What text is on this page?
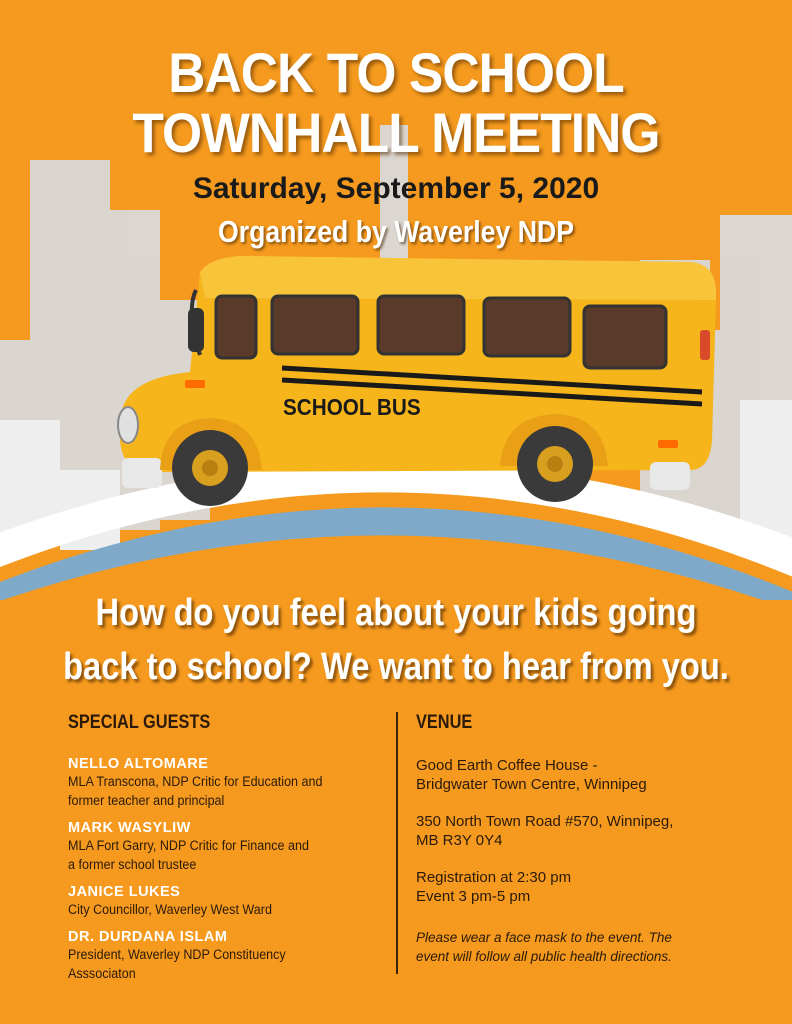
BACK TO SCHOOL
TOWNHALL MEETING
Saturday, September 5, 2020
Organized by Waverley NDP
SCHOOL BUS
How do you feel about your kids going
back to school? We want to hear from you.
SPECIAL GUESTS
NELLO ALTOMARE
MLA Transcona, NDP Critic for Education and
former teacher and principal
MARK WASYLIW
MLA Fort Garry, NDP Critic for Finance and
a former school trustee
JANICE LUKES
City Councillor, Waverley West Ward
DR. DURDANA ISLAM
President, Waverley NDP Constituency
Asssociaton
VENUE
Good Earth Coffee House -
Bridgwater Town Centre, Winnipeg
350 North Town Road #570, Winnipeg,
MB R3Y 0Y4
Registration at 2:30 pm
Event 3 pm-5 pm
Please wear a face mask to the event. The
event will follow all public health directions.
